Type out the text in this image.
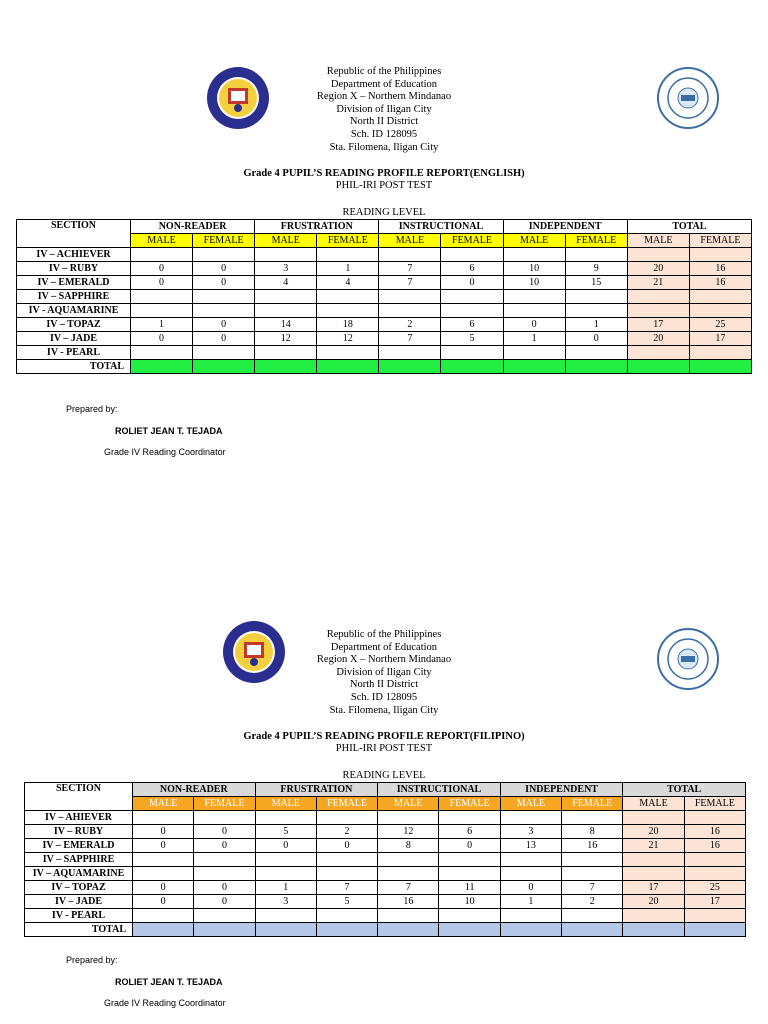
Republic of the Philippines
Department of Education
Region X – Northern Mindanao
Division of Iligan City
North II District
Sch. ID 128095
Sta. Filomena, Iligan City
Grade 4 PUPIL’S READING PROFILE REPORT(ENGLISH)
PHIL-IRI POST TEST
READING LEVEL
SECTION	NON-READER		FRUSTRATION		INSTRUCTIONAL		INDEPENDENT		TOTAL	
	MALE	FEMALE	MALE	FEMALE	MALE	FEMALE	MALE	FEMALE	MALE	FEMALE
IV – ACHIEVER										
IV – RUBY	0	0	3	1	7	6	10	9	20	16
IV – EMERALD	0	0	4	4	7	0	10	15	21	16
IV – SAPPHIRE										
IV - AQUAMARINE										
IV – TOPAZ	1	0	14	18	2	6	0	1	17	25
IV – JADE	0	0	12	12	7	5	1	0	20	17
IV - PEARL										
TOTAL										
Prepared by:
ROLIET JEAN T. TEJADA
Grade IV Reading Coordinator
Republic of the Philippines
Department of Education
Region X – Northern Mindanao
Division of Iligan City
North II District
Sch. ID 128095
Sta. Filomena, Iligan City
Grade 4 PUPIL’S READING PROFILE REPORT(FILIPINO)
PHIL-IRI POST TEST
READING LEVEL
SECTION	NON-READER		FRUSTRATION		INSTRUCTIONAL		INDEPENDENT		TOTAL	
	MALE	FEMALE	MALE	FEMALE	MALE	FEMALE	MALE	FEMALE	MALE	FEMALE
IV – AHIEVER										
IV – RUBY	0	0	5	2	12	6	3	8	20	16
IV – EMERALD	0	0	0	0	8	0	13	16	21	16
IV – SAPPHIRE										
IV – AQUAMARINE										
IV – TOPAZ	0	0	1	7	7	11	0	7	17	25
IV – JADE	0	0	3	5	16	10	1	2	20	17
IV - PEARL										
TOTAL										
Prepared by:
ROLIET JEAN T. TEJADA
Grade IV Reading Coordinator
